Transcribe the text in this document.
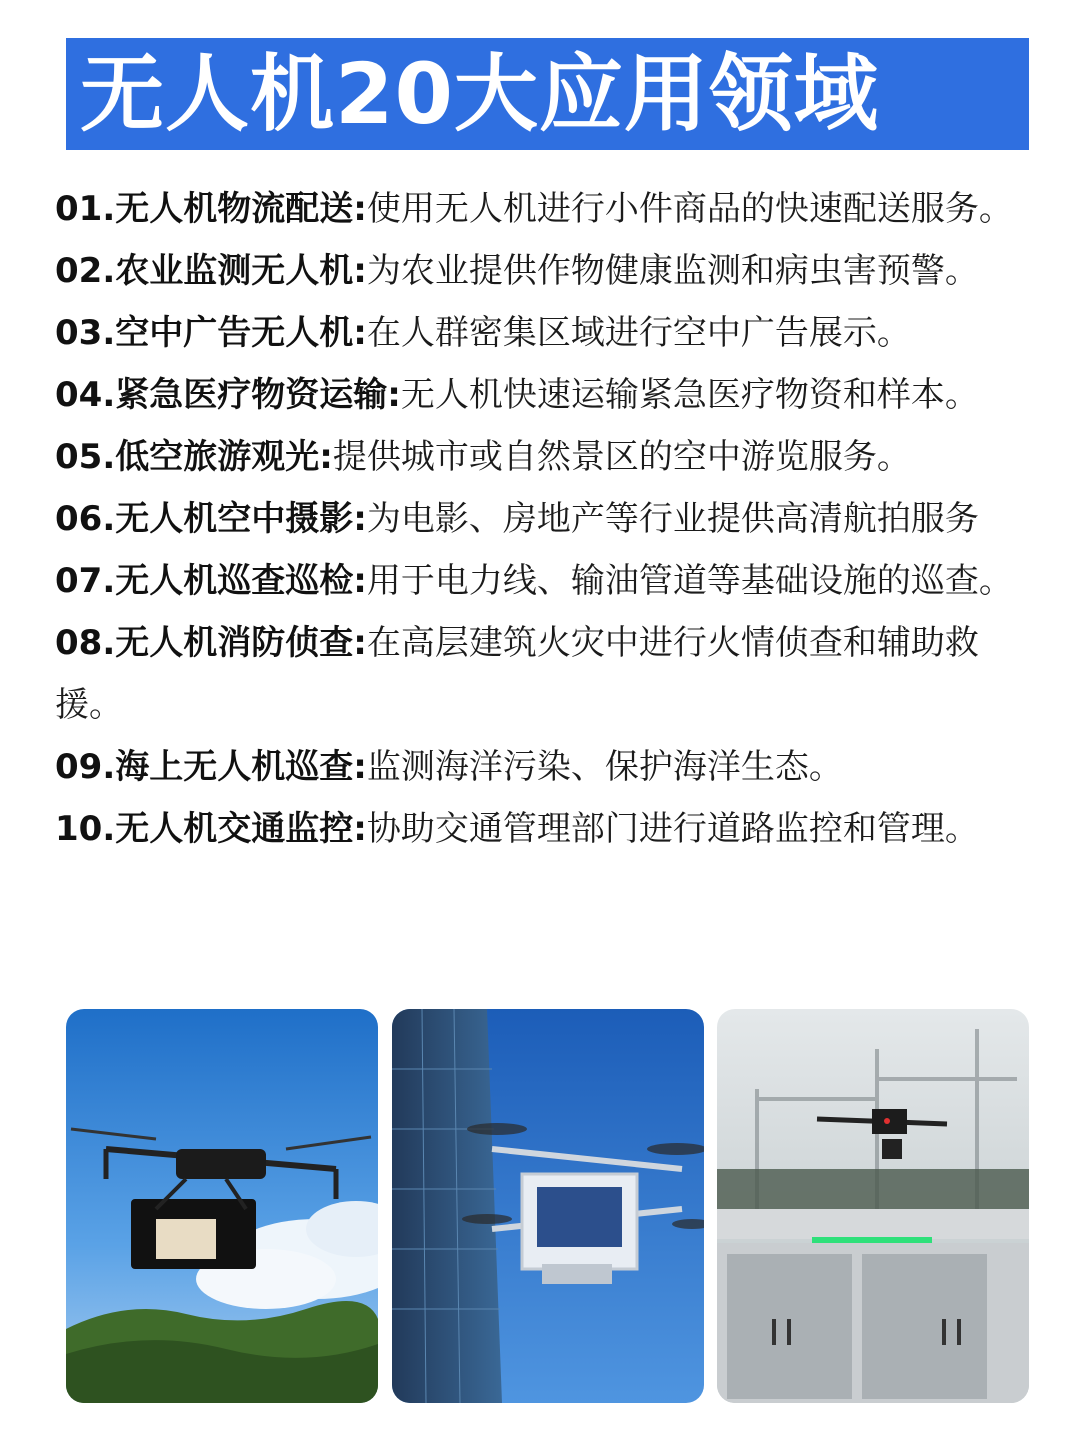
无人机20大应用领域
01.无人机物流配送:使用无人机进行小件商品的快速配送服务。
02.农业监测无人机:为农业提供作物健康监测和病虫害预警。
03.空中广告无人机:在人群密集区域进行空中广告展示。
04.紧急医疗物资运输:无人机快速运输紧急医疗物资和样本。
05.低空旅游观光:提供城市或自然景区的空中游览服务。
06.无人机空中摄影:为电影、房地产等行业提供高清航拍服务
07.无人机巡查巡检:用于电力线、输油管道等基础设施的巡查。
08.无人机消防侦查:在高层建筑火灾中进行火情侦查和辅助救援。
09.海上无人机巡查:监测海洋污染、保护海洋生态。
10.无人机交通监控:协助交通管理部门进行道路监控和管理。
